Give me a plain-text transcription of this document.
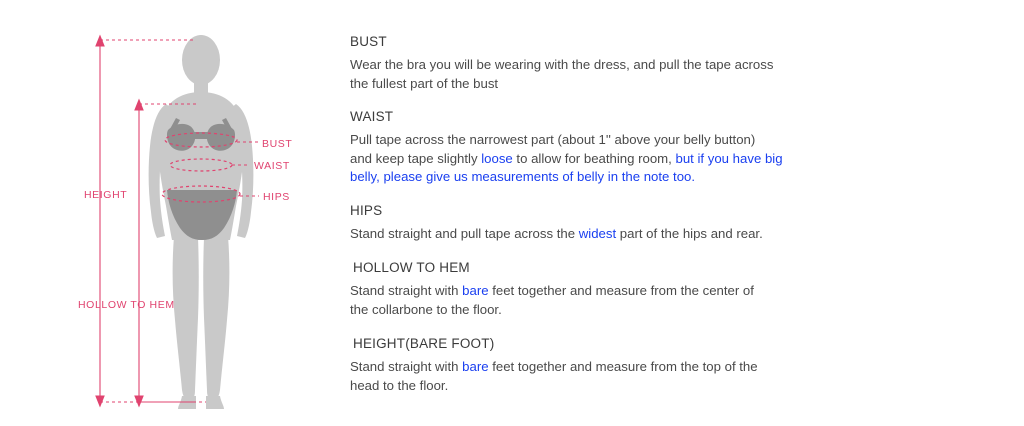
BUST
WAIST
HIPS
HEIGHT
HOLLOW TO HEM
BUST

Wear the bra you will be wearing with the dress, and pull the tape across
the fullest part of the bust

WAIST

Pull tape across the narrowest part (about 1'' above your belly button)
and keep tape slightly loose to allow for beathing room, but if you have big
belly, please give us measurements of belly in the note too.

HIPS

Stand straight and pull tape across the widest part of the hips and rear.

HOLLOW TO HEM

Stand straight with bare feet together and measure from the center of
the collarbone to the floor.

HEIGHT(BARE FOOT)

Stand straight with bare feet together and measure from the top of the
head to the floor.
